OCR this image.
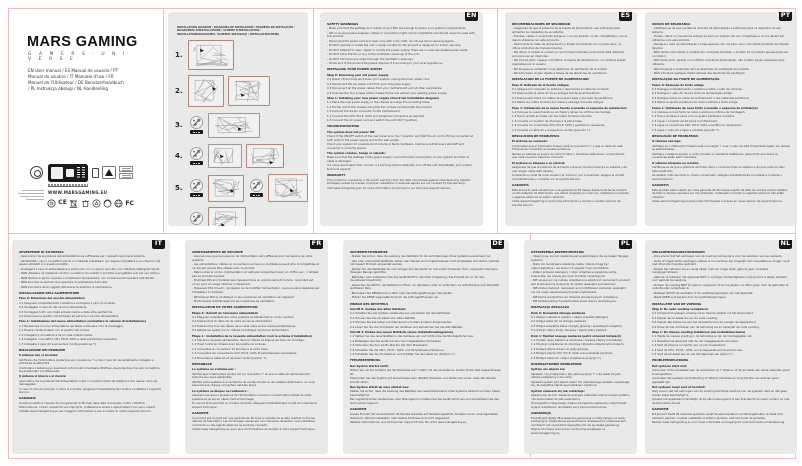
MARS GAMING
G A M E R S · U N I V E R S E
EN User manual / ES Manual de usuario / PT Manual do usuário / IT Manuale d'uso / FR Manuel de l'Utilisateur / DE Benutzerhandbuch / PL Instrukcja obsługi / NL Handleiding
WWW.MARSGAMING.EU
CE	FC
INSTALLATION DIAGRAM / DIAGRAMA DE INSTALACIÓN / ESQUEMA DE INSTALAÇÃO / DIAGRAMMA D'INSTALLAZIONE / SCHÉMA D'INSTALLATION / INSTALLATIONSDIAGRAMM / SCHEMAT INSTALACJI / INSTALLATIESCHEMA
1.
2.
3.
4.
5.
EN
SAFETY WARNINGS
- Make sure that the wattage and output of your PSU are enough to power your system's requirements.
- Old or unused power supplies, cables or connectors might not be compatible and should never be used with this product.
- Disconnect the power cord and clean only with a dry cloth; do not use liquid cleaning agents.
- Do NOT operate or install the unit in damp conditions; the product is designed for indoor use only.
- Do NOT attempt to open, repair or modify the power supply; there are no user-serviceable parts inside.
- Do NOT block the fan or any of the ventilation openings of the unit.
- Do NOT introduce any object through the ventilation openings.
- At the end of the product life please dispose of it according to your local regulations.
INSTALLING YOUR POWER SUPPLY
Step 0: Removing your old power supply
0.1 Power off and fully shut down your system; unplug the main power cord.
0.2 Disconnect the AC power cord from your old power supply.
0.3 Disconnect all the power cables from your motherboard and all other peripherals.
0.4 Unscrew the four screws of the chassis frame and extract your existing power supply.
Step 1: Installing your new power supply (Check fan installation diagram)
1.1 Place the new power supply in the chassis and align the mounting holes.
1.2 Fix the unit to the chassis using the four screws included with the product.
1.3 Connect the 24-pin connector to the motherboard.
1.4 Connect the CPU, PCI-E, SATA and peripheral connectors as required.
1.5 Connect the AC power cord and switch the unit ON ('I' position).
TROUBLESHOOTING
The system does not power ON:
Check if the ON/OFF switch of the rear panel is on the 'I' position and that the AC cord is firmly connected at both ends to the power supply and to the wall socket.
Check your system for possible short circuits or faulty hardware, making sure that every standoff and connector is correctly placed.
The system crashes, hangs or reboots:
Make sure that the wattage of the power supply covers the total consumption of your system and that no cable is damaged.
If a noise level higher than normal or a burning smell is detected, turn off the unit immediately and contact technical support.
WARRANTY
This product is covered by a 36-month warranty from the date of purchase against manufacturing defects. Damages caused by misuse, improper installation or external agents are not covered by this warranty.
Visit www.marsgaming.eu for more information and access to our technical support service.
ES
RECOMENDACIONES DE SEGURIDAD
- Asegúrese de que la potencia de la fuente de alimentación sea suficiente para alimentar los requisitos de su sistema.
- Fuentes, cables o conectores antiguos o sin uso podrían no ser compatibles y nunca deben utilizarse con este producto.
- Desconecte el cable de alimentación y limpie únicamente con un paño seco; no utilice productos de limpieza líquidos.
- NO utilice ni instale la unidad en condiciones húmedas; el producto está diseñado solo para uso en interiores.
- NO intente abrir, reparar o modificar la fuente de alimentación; no contiene piezas reparables por el usuario.
- NO bloquee el ventilador ni las aberturas de ventilación de la unidad.
- NO introduzca ningún objeto a través de las aberturas de ventilación.
INSTALACIÓN DE LA FUENTE DE ALIMENTACIÓN
Paso 0: Retirada de la fuente antigua
0.1 Apague por completo su sistema y desconecte el cable de corriente.
0.2 Desconecte el cable AC de su antigua fuente de alimentación.
0.3 Desconecte todos los cables de la placa base y del resto de periféricos.
0.4 Retire los cuatro tornillos del chasis y extraiga la fuente antigua.
Paso 1: Instalación de la nueva fuente (consulte el esquema de instalación)
1.1 Coloque la nueva fuente en el chasis y alinee los orificios de montaje.
1.2 Fije la unidad al chasis con los cuatro tornillos incluidos.
1.3 Conecte el conector de 24 pines a la placa base.
1.4 Conecte los conectores CPU, PCI-E, SATA y periféricos necesarios.
1.5 Conecte el cable AC y encienda la unidad (posición 'I').
RESOLUCIÓN DE PROBLEMAS
El sistema no enciende:
Compruebe que el interruptor trasero está en la posición 'I' y que el cable AC está firmemente conectado en ambos extremos.
Revise su sistema en busca de cortocircuitos o hardware defectuoso, comprobando que cada conector esté bien colocado.
El sistema se bloquea o se reinicia:
Asegúrese de que la potencia de la fuente cubre el consumo total de su sistema y de que ningún cable esté dañado.
Si detecta un nivel de ruido superior al normal u olor a quemado, apague la unidad inmediatamente y contacte con el soporte técnico.
GARANTÍA
Este producto está cubierto por una garantía de 36 meses desde la fecha de compra contra defectos de fabricación. Los daños causados por mal uso, instalación incorrecta o agentes externos no están cubiertos.
Visite www.marsgaming.eu para más información y acceso a nuestro servicio de soporte técnico.
PT
AVISOS DE SEGURANÇA
- Certifique-se de que a potência da fonte de alimentação é suficiente para os requisitos do seu sistema.
- Fontes, cabos ou conectores antigos ou sem uso podem não ser compatíveis e nunca devem ser utilizados com este produto.
- Desligue o cabo de alimentação e limpe apenas com um pano seco; não utilize produtos de limpeza líquidos.
- NÃO utilize nem instale a unidade em condições húmidas; o produto foi concebido apenas para uso no interior.
- NÃO tente abrir, reparar ou modificar a fonte de alimentação; não contém peças reparáveis pelo utilizador.
- NÃO bloqueie a ventoinha nem as aberturas de ventilação da unidade.
- NÃO introduza qualquer objeto através das aberturas de ventilação.
INSTALAÇÃO DA FONTE DE ALIMENTAÇÃO
Passo 0: Remoção da fonte antiga
0.1 Desligue completamente o sistema e retire o cabo de corrente.
0.2 Desligue o cabo AC da sua fonte de alimentação antiga.
0.3 Desligue todos os cabos da motherboard e dos restantes periféricos.
0.4 Retire os quatro parafusos da caixa e extraia a fonte antiga.
Passo 1: Instalação da nova fonte (consulte o esquema de instalação)
1.1 Coloque a nova fonte na caixa e alinhe os orifícios de montagem.
1.2 Fixe a unidade à caixa com os quatro parafusos incluídos.
1.3 Ligue o conector de 24 pinos à motherboard.
1.4 Ligue os conectores CPU, PCI-E, SATA e periféricos necessários.
1.5 Ligue o cabo AC e ligue a unidade (posição 'I').
RESOLUÇÃO DE PROBLEMAS
O sistema não liga:
Verifique se o interruptor traseiro está na posição 'I' e se o cabo AC está firmemente ligado em ambas as extremidades.
Verifique o sistema quanto a curto-circuitos ou hardware defeituoso, garantindo que todos os conectores estão bem colocados.
O sistema bloqueia ou reinicia:
Certifique-se de que a potência da fonte cobre o consumo total do sistema e de que nenhum cabo está danificado.
Se detetar ruído anormal ou cheiro a queimado, desligue imediatamente a unidade e contacte o suporte técnico.
GARANTIA
Este produto está coberto por uma garantia de 36 meses a partir da data de compra contra defeitos de fabrico. Danos causados por má utilização, instalação incorreta ou agentes externos não estão cobertos.
Visite www.marsgaming.eu para mais informações e acesso ao nosso serviço de suporte técnico.
IT
AVVERTENZE DI SICUREZZA
- Assicurarsi che la potenza dell'alimentatore sia sufficiente per i requisiti del proprio sistema.
- Alimentatori, cavi o connettori vecchi o inutilizzati potrebbero non essere compatibili e non devono mai essere utilizzati con questo prodotto.
- Scollegare il cavo di alimentazione e pulire solo con un panno asciutto; non utilizzare detergenti liquidi.
- NON utilizzare né installare l'unità in condizioni di umidità; il prodotto è progettato solo per uso interno.
- NON tentare di aprire, riparare o modificare l'alimentatore; non contiene parti riparabili dall'utente.
- NON bloccare la ventola né le aperture di ventilazione dell'unità.
- NON introdurre alcun oggetto attraverso le aperture di ventilazione.
INSTALLAZIONE DELL'ALIMENTATORE
Fase 0: Rimozione del vecchio alimentatore
0.1 Spegnere completamente il sistema e scollegare il cavo di corrente.
0.2 Scollegare il cavo AC dal vecchio alimentatore.
0.3 Scollegare tutti i cavi dalla scheda madre e dalle altre periferiche.
0.4 Rimuovere le quattro viti dal telaio ed estrarre il vecchio alimentatore.
Fase 1: Installazione del nuovo alimentatore (consultare lo schema di installazione)
1.1 Posizionare il nuovo alimentatore nel telaio e allineare i fori di montaggio.
1.2 Fissare l'unità al telaio con le quattro viti incluse.
1.3 Collegare il connettore a 24 pin alla scheda madre.
1.4 Collegare i connettori CPU, PCI-E, SATA e delle periferiche necessarie.
1.5 Collegare il cavo AC e accendere l'unità (posizione 'I').
RISOLUZIONE DEI PROBLEMI
Il sistema non si accende:
Verificare che l'interruttore posteriore sia in posizione 'I' e che il cavo AC sia saldamente collegato a entrambe le estremità.
Controllare il sistema per eventuali cortocircuiti o hardware difettoso, assicurandosi che ogni connettore sia posizionato correttamente.
Il sistema si blocca o si riavvia:
Assicurarsi che la potenza dell'alimentatore copra il consumo totale del sistema e che nessun cavo sia danneggiato.
In caso di rumore anomalo o odore di bruciato, spegnere immediatamente l'unità e contattare il supporto tecnico.
GARANZIA
Questo prodotto è coperto da una garanzia di 36 mesi dalla data di acquisto contro i difetti di fabbricazione. I danni causati da uso improprio, installazione errata o agenti esterni non sono coperti.
Visitate www.marsgaming.eu per maggiori informazioni e per accedere al nostro supporto tecnico.
FR
AVERTISSEMENTS DE SÉCURITÉ
- Assurez-vous que la puissance de l'alimentation est suffisante pour les besoins de votre système.
- Les alimentations, câbles ou connecteurs anciens ou inutilisés peuvent être incompatibles et ne doivent jamais être utilisés avec ce produit.
- Débranchez le cordon d'alimentation et nettoyez uniquement avec un chiffon sec ; n'utilisez pas de produits liquides.
- N'utilisez PAS et n'installez pas l'appareil dans un environnement humide ; le produit est conçu pour un usage intérieur uniquement.
- N'essayez PAS d'ouvrir, de réparer ou de modifier l'alimentation ; aucune pièce réparable par l'utilisateur à l'intérieur.
- NE bloquez PAS le ventilateur ni les ouvertures de ventilation de l'appareil.
- N'introduisez AUCUN objet par les ouvertures de ventilation.
INSTALLATION DE VOTRE ALIMENTATION
Étape 0 : Retrait de l'ancienne alimentation
0.1 Éteignez complètement votre système et débranchez le cordon secteur.
0.2 Débranchez le câble AC de votre ancienne alimentation.
0.3 Débranchez tous les câbles de la carte mère et des autres périphériques.
0.4 Retirez les quatre vis du châssis et extrayez l'ancienne alimentation.
Étape 1 : Installation de la nouvelle alimentation (voir le schéma d'installation)
1.1 Placez la nouvelle alimentation dans le châssis et alignez les trous de montage.
1.2 Fixez l'unité au châssis avec les quatre vis incluses.
1.3 Connectez le connecteur 24 broches à la carte mère.
1.4 Connectez les connecteurs CPU, PCI-E, SATA et périphériques nécessaires.
1.5 Branchez le câble AC et allumez l'unité (position 'I').
DÉPANNAGE
Le système ne s'allume pas :
Vérifiez que l'interrupteur arrière est sur la position 'I' et que le câble AC est fermement branché aux deux extrémités.
Vérifiez votre système à la recherche de courts-circuits ou de matériel défectueux, en vous assurant que chaque connecteur est bien placé.
Le système se bloque ou redémarre :
Assurez-vous que la puissance de l'alimentation couvre la consommation totale de votre système et qu'aucun câble n'est endommagé.
En cas de bruit anormal ou d'odeur de brûlé, éteignez immédiatement l'unité et contactez le support technique.
GARANTIE
Ce produit est couvert par une garantie de 36 mois à compter de la date d'achat contre les défauts de fabrication. Les dommages causés par une mauvaise utilisation, une installation incorrecte ou des agents externes ne sont pas couverts.
Visitez www.marsgaming.eu pour plus d'informations et accéder à notre support technique.
DE
SICHERHEITSHINWEISE
- Stellen Sie sicher, dass die Leistung des Netzteils für die Anforderungen Ihres Systems ausreichend ist.
- Alte oder unbenutzte Netzteile, Kabel oder Stecker sind möglicherweise nicht kompatibel und dürfen niemals mit diesem Produkt verwendet werden.
- Ziehen Sie das Netzkabel ab und reinigen Sie das Gerät nur mit einem trockenen Tuch; verwenden Sie keine flüssigen Reinigungsmittel.
- Betreiben oder installieren Sie das Gerät NICHT in feuchter Umgebung; das Produkt ist nur für den Innenbereich bestimmt.
- Versuchen Sie NICHT, das Netzteil zu öffnen, zu reparieren oder zu verändern; es enthält keine vom Benutzer wartbaren Teile.
- Blockieren Sie NIEMALS den Lüfter oder die Lüftungsöffnungen des Geräts.
- Führen Sie KEINE Gegenstände durch die Lüftungsöffnungen ein.
EINBAU DES NETZTEILS
Schritt 0: Ausbau des alten Netzteils
0.1 Schalten Sie das System vollständig aus und ziehen Sie das Netzkabel.
0.2 Trennen Sie das AC-Kabel vom alten Netzteil.
0.3 Trennen Sie alle Kabel vom Mainboard und allen anderen Komponenten.
0.4 Lösen Sie die vier Schrauben am Gehäuse und entnehmen Sie das alte Netzteil.
Schritt 1: Einbau des neuen Netzteils (siehe Installationsdiagramm)
1.1 Setzen Sie das neue Netzteil in das Gehäuse ein und richten Sie die Montagelöcher aus.
1.2 Befestigen Sie das Gerät mit den vier mitgelieferten Schrauben.
1.3 Verbinden Sie den 24-Pin-Stecker mit dem Mainboard.
1.4 Schließen Sie die CPU-, PCI-E-, SATA- und Peripherieanschlüsse an.
1.5 Schließen Sie das AC-Kabel an und schalten Sie das Gerät ein (Position 'I').
FEHLERBEHEBUNG
Das System startet nicht:
Prüfen Sie, ob der Schalter auf der Rückseite auf 'I' steht und das AC-Kabel an beiden Enden fest angeschlossen ist.
Überprüfen Sie das System auf Kurzschlüsse oder defekte Hardware und stellen Sie sicher, dass alle Stecker korrekt sitzen.
Das System stürzt ab oder startet neu:
Stellen Sie sicher, dass die Leistung des Netzteils den Gesamtverbrauch Ihres Systems abdeckt und kein Kabel beschädigt ist.
Bei ungewöhnlichen Geräuschen oder Brandgeruch schalten Sie das Gerät sofort aus und kontaktieren Sie den technischen Support.
GARANTIE
Dieses Produkt hat ab Kaufdatum 36 Monate Garantie auf Herstellungsfehler. Schäden durch unsachgemäßen Gebrauch, falsche Installation oder äußere Einflüsse sind nicht abgedeckt.
Weitere Informationen und technischen Support finden Sie unter www.marsgaming.eu.
PL
OSTRZEŻENIA BEZPIECZEŃSTWA
- Upewnij się, że moc zasilacza jest wystarczająca dla wymagań Twojego systemu.
- Stare lub nieużywane zasilacze, kable i złącza mogą być niekompatybilne i nie wolno ich używać z tym produktem.
- Odłącz przewód zasilający i czyść urządzenie wyłącznie suchą ściereczką; nie używaj płynnych środków czyszczących.
- NIE używaj ani nie instaluj urządzenia w wilgotnych warunkach; produkt jest przeznaczony wyłącznie do użytku wewnątrz pomieszczeń.
- NIE próbuj otwierać, naprawiać ani modyfikować zasilacza; wewnątrz nie ma części serwisowanych przez użytkownika.
- NIE blokuj wentylatora ani otworów wentylacyjnych urządzenia.
- NIE wkładaj żadnych przedmiotów przez otwory wentylacyjne.
INSTALACJA ZASILACZA
Krok 0: Demontaż starego zasilacza
0.1 Wyłącz całkowicie system i odłącz przewód zasilający.
0.2 Odłącz kabel AC od starego zasilacza.
0.3 Odłącz wszystkie kable od płyty głównej i pozostałych urządzeń.
0.4 Odkręć cztery śruby obudowy i wyjmij stary zasilacz.
Krok 1: Montaż nowego zasilacza (patrz schemat instalacji)
1.1 Umieść nowy zasilacz w obudowie i dopasuj otwory montażowe.
1.2 Przykręć urządzenie do obudowy czterema dołączonymi śrubami.
1.3 Podłącz złącze 24-pin do płyty głównej.
1.4 Podłącz złącza CPU, PCI-E, SATA oraz pozostałe peryferia.
1.5 Podłącz kabel AC i włącz urządzenie (pozycja 'I').
ROZWIĄZYWANIE PROBLEMÓW
System nie włącza się:
Sprawdź, czy przełącznik z tyłu jest w pozycji 'I' i czy kabel AC jest dobrze podłączony z obu stron.
Sprawdź system pod kątem zwarć lub uszkodzonego sprzętu, upewniając się, że wszystkie złącza są prawidłowo osadzone.
System zawiesza się lub restartuje:
Upewnij się, że moc zasilacza pokrywa całkowite zużycie energii systemu i że żaden kabel nie jest uszkodzony.
W przypadku nietypowego hałasu lub zapachu spalenizny natychmiast wyłącz urządzenie i skontaktuj się z pomocą techniczną.
GWARANCJA
Produkt jest objęty 36-miesięczną gwarancją od daty zakupu na wady produkcyjne. Uszkodzenia spowodowane niewłaściwym użytkowaniem, montażem lub czynnikami zewnętrznymi nie są objęte gwarancją.
Więcej informacji oraz pomoc techniczną znajdziesz na www.marsgaming.eu.
NL
VEILIGHEIDSWAARSCHUWINGEN
- Zorg ervoor dat het vermogen van de voeding voldoende is voor de vereisten van uw systeem.
- Oude of ongebruikte voedingen, kabels of connectoren zijn mogelijk niet compatibel en mogen nooit met dit product worden gebruikt.
- Koppel het netsnoer los en reinig alleen met een droge doek; gebruik geen vloeibare reinigingsmiddelen.
- Gebruik of installeer het apparaat NIET in vochtige omstandigheden; het product is alleen bedoeld voor gebruik binnenshuis.
- Probeer de voeding NIET te openen, repareren of aan te passen; er zitten geen door de gebruiker te onderhouden onderdelen in.
- Blokkeer NOOIT de ventilator of de ventilatieopeningen van het apparaat.
- Steek GEEN voorwerpen door de ventilatieopeningen.
INSTALLATIE VAN DE VOEDING
Stap 0: De oude voeding verwijderen
0.1 Schakel het systeem volledig uit en haal de stekker uit het stopcontact.
0.2 Koppel de AC-kabel los van de oude voeding.
0.3 Koppel alle kabels los van het moederbord en de overige randapparatuur.
0.4 Draai de vier schroeven van de behuizing los en verwijder de oude voeding.
Stap 1: De nieuwe voeding installeren (zie installatieschema)
1.1 Plaats de nieuwe voeding in de behuizing en lijn de montagegaten uit.
1.2 Bevestig het apparaat met de vier meegeleverde schroeven.
1.3 Sluit de 24-pins connector aan op het moederbord.
1.4 Sluit de CPU-, PCI-E-, SATA- en randapparatuurconnectoren aan.
1.5 Sluit de AC-kabel aan en zet het apparaat aan (stand 'I').
PROBLEEMOPLOSSING
Het systeem start niet:
Controleer of de schakelaar aan de achterkant op 'I' staat en of de AC-kabel aan beide uiteinden goed is aangesloten.
Controleer het systeem op kortsluiting of defecte hardware en zorg dat alle connectoren goed geplaatst zijn.
Het systeem loopt vast of herstart:
Zorg ervoor dat het vermogen van de voeding het totale verbruik van uw systeem dekt en dat geen enkele kabel beschadigd is.
Schakel het apparaat onmiddellijk uit bij abnormaal geluid of een brandlucht en neem contact op met de technische dienst.
GARANTIE
Dit product heeft 36 maanden garantie vanaf de aankoopdatum op fabricagefouten. Schade door verkeerd gebruik, onjuiste installatie of externe factoren valt niet onder de garantie.
Bezoek www.marsgaming.eu voor meer informatie en toegang tot onze technische ondersteuning.
